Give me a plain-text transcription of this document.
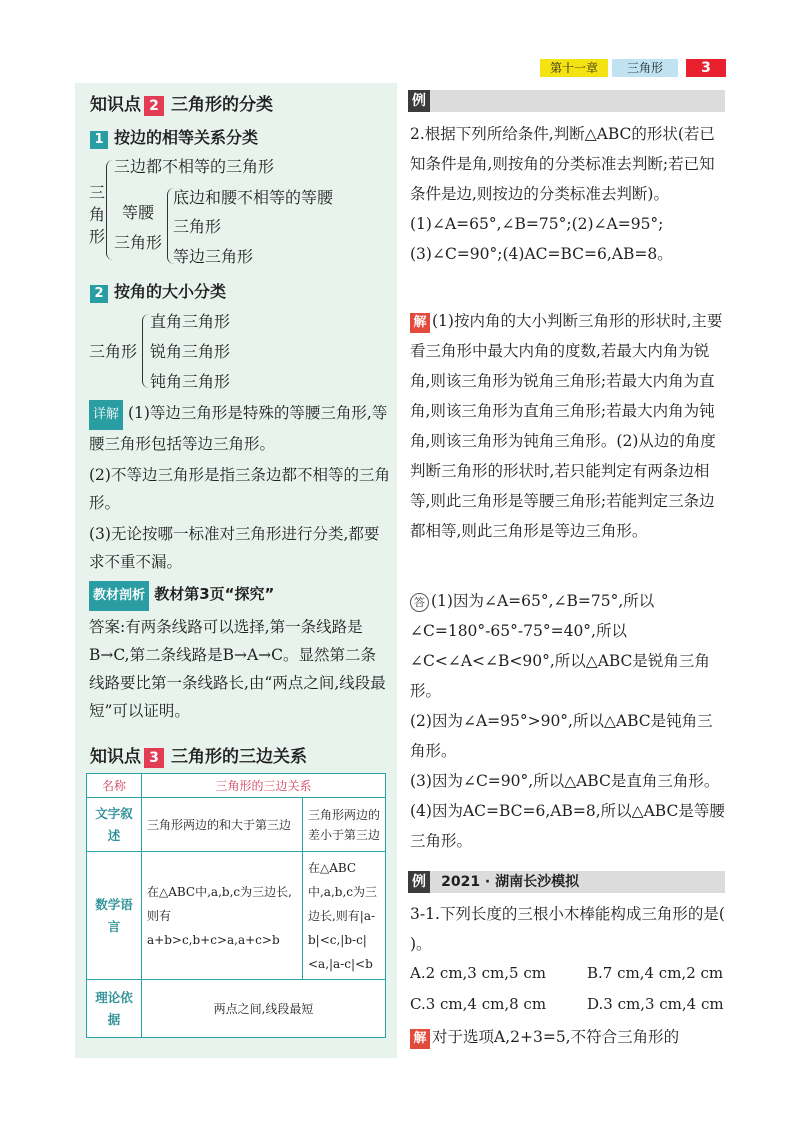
第十一章	三角形	3
知识点 2 三角形的分类
1 按边的相等关系分类
三角形
三边都不相等的三角形
等腰
三角形
底边和腰不相等的等腰
三角形
等边三角形
2 按角的大小分类
三角形
直角三角形
锐角三角形
钝角三角形
详解 (1)等边三角形是特殊的等腰三角形,等腰三角形包括等边三角形。
(2)不等边三角形是指三条边都不相等的三角形。
(3)无论按哪一标准对三角形进行分类,都要求不重不漏。
教材剖析 教材第3页“探究”
答案:有两条线路可以选择,第一条线路是B→C,第二条线路是B→A→C。显然第二条线路要比第一条线路长,由“两点之间,线段最短”可以证明。
知识点 3 三角形的三边关系
名称	三角形的三边关系	
文字叙述	三角形两边的和大于第三边	三角形两边的差小于第三边
数学语言	在△ABC中,a,b,c为三边长,则有a+b>c,b+c>a,a+c>b	在△ABC中,a,b,c为三边长,则有|a-b|<c,|b-c|<a,|a-c|<b
理论依据	两点之间,线段最短	
例
2.根据下列所给条件,判断△ABC的形状(若已知条件是角,则按角的分类标准去判断;若已知条件是边,则按边的分类标准去判断)。
(1)∠A=65°,∠B=75°;(2)∠A=95°;
(3)∠C=90°;(4)AC=BC=6,AB=8。
解 (1)按内角的大小判断三角形的形状时,主要看三角形中最大内角的度数,若最大内角为锐角,则该三角形为锐角三角形;若最大内角为直角,则该三角形为直角三角形;若最大内角为钝角,则该三角形为钝角三角形。(2)从边的角度判断三角形的形状时,若只能判定有两条边相等,则此三角形是等腰三角形;若能判定三条边都相等,则此三角形是等边三角形。
答 (1)因为∠A=65°,∠B=75°,所以∠C=180°-65°-75°=40°,所以∠C<∠A<∠B<90°,所以△ABC是锐角三角形。
(2)因为∠A=95°>90°,所以△ABC是钝角三角形。
(3)因为∠C=90°,所以△ABC是直角三角形。
(4)因为AC=BC=6,AB=8,所以△ABC是等腰三角形。
例 2021 · 湖南长沙模拟
3-1.下列长度的三根小木棒能构成三角形的是( )。
A.2 cm,3 cm,5 cm	B.7 cm,4 cm,2 cm
C.3 cm,4 cm,8 cm	D.3 cm,3 cm,4 cm
解 对于选项A,2+3=5,不符合三角形的
